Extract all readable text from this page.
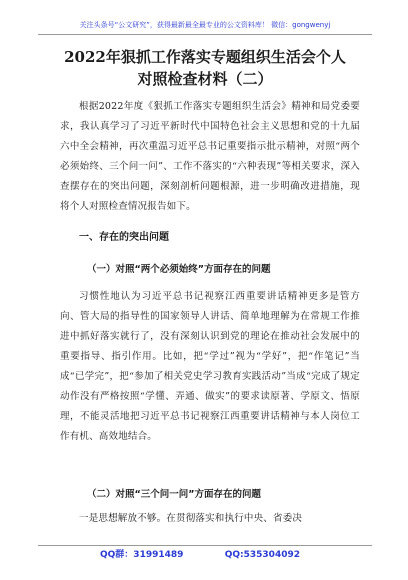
关注头条号“公文研究”，获得最新最全最专业的公文资料库！ 微信：gongwenyj
2022年狠抓工作落实专题组织生活会个人
对照检查材料（二）
根据2022年度《狠抓工作落实专题组织生活会》精神和局党委要求，我认真学习了习近平新时代中国特色社会主义思想和党的十九届六中全会精神，再次重温习近平总书记重要指示批示精神，对照“两个必须始终、三个问一问”、工作不落实的“六种表现”等相关要求，深入查摆存在的突出问题，深刻剖析问题根源，进一步明确改进措施，现将个人对照检查情况报告如下。
一、存在的突出问题
（一）对照“两个必须始终”方面存在的问题
习惯性地认为习近平总书记视察江西重要讲话精神更多是管方向、管大局的指导性的国家领导人讲话、简单地理解为在常规工作推进中抓好落实就行了，没有深刻认识到党的理论在推动社会发展中的重要指导、指引作用。比如，把“学过”视为“学好”，把“作笔记”当成“已学完”，把“参加了相关党史学习教育实践活动”当成“完成了规定动作没有严格按照“学懂、弄通、做实”的要求读原著、学原文、悟原理，不能灵活地把习近平总书记视察江西重要讲话精神与本人岗位工作有机、高效地结合。
（二）对照“三个问一问”方面存在的问题
一是思想解放不够。在贯彻落实和执行中央、省委决
QQ群：31991489	QQ:535304092
